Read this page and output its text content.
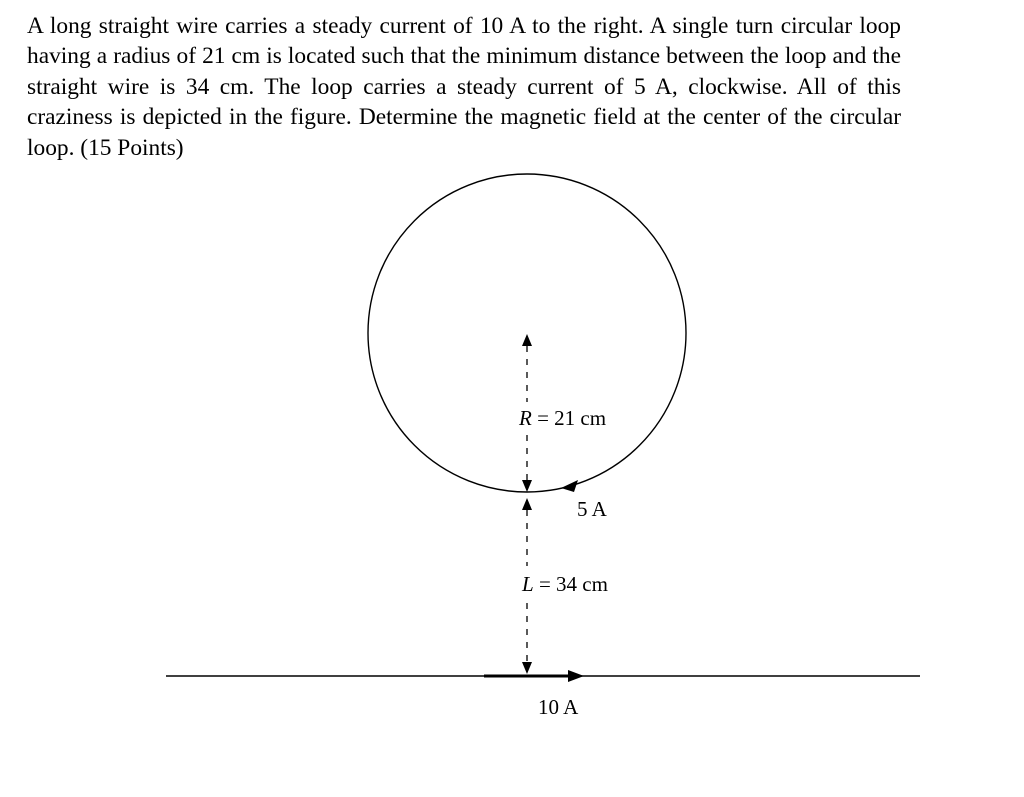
A long straight wire carries a steady current of 10 A to the right. A single turn circular loop having a radius of 21 cm is located such that the minimum distance between the loop and the straight wire is 34 cm. The loop carries a steady current of 5 A, clockwise. All of this craziness is depicted in the figure. Determine the magnetic field at the center of the circular loop. (15 Points)

R = 21 cm
5 A
L = 34 cm
10 A
